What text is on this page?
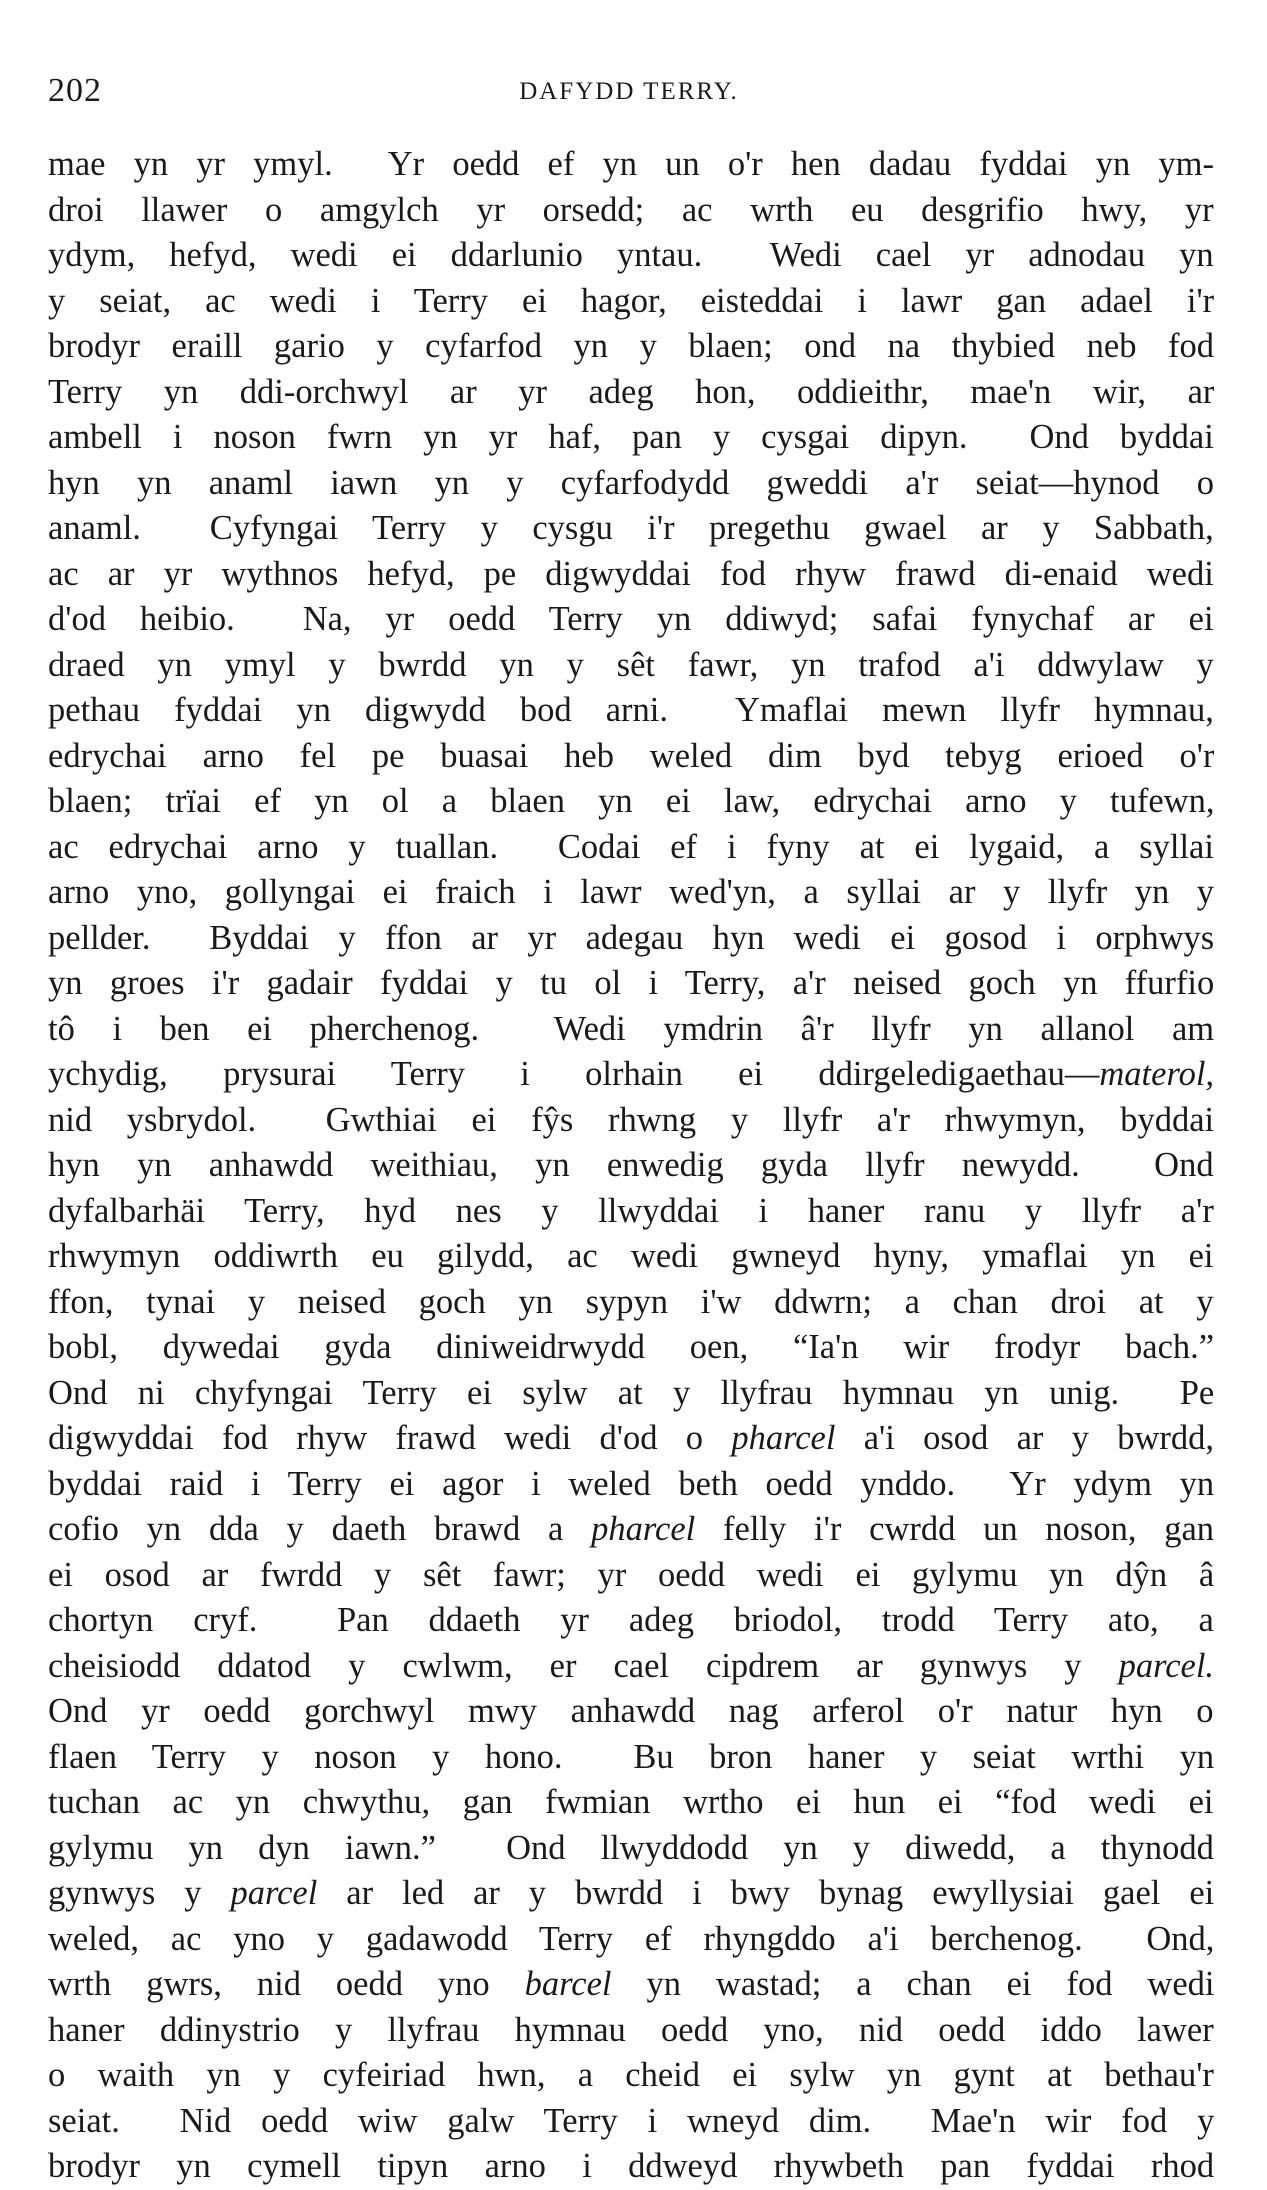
202	DAFYDD TERRY.
mae yn yr ymyl.  Yr oedd ef yn un o'r hen dadau fyddai yn ym-
droi llawer o amgylch yr orsedd; ac wrth eu desgrifio hwy, yr
ydym, hefyd, wedi ei ddarlunio yntau.  Wedi cael yr adnodau yn
y seiat, ac wedi i Terry ei hagor, eisteddai i lawr gan adael i'r
brodyr eraill gario y cyfarfod yn y blaen; ond na thybied neb fod
Terry yn ddi-orchwyl ar yr adeg hon, oddieithr, mae'n wir, ar
ambell i noson fwrn yn yr haf, pan y cysgai dipyn.  Ond byddai
hyn yn anaml iawn yn y cyfarfodydd gweddi a'r seiat—hynod o
anaml.  Cyfyngai Terry y cysgu i'r pregethu gwael ar y Sabbath,
ac ar yr wythnos hefyd, pe digwyddai fod rhyw frawd di-enaid wedi
d'od heibio.  Na, yr oedd Terry yn ddiwyd; safai fynychaf ar ei
draed yn ymyl y bwrdd yn y sêt fawr, yn trafod a'i ddwylaw y
pethau fyddai yn digwydd bod arni.  Ymaflai mewn llyfr hymnau,
edrychai arno fel pe buasai heb weled dim byd tebyg erioed o'r
blaen; trïai ef yn ol a blaen yn ei law, edrychai arno y tufewn,
ac edrychai arno y tuallan.  Codai ef i fyny at ei lygaid, a syllai
arno yno, gollyngai ei fraich i lawr wed'yn, a syllai ar y llyfr yn y
pellder.  Byddai y ffon ar yr adegau hyn wedi ei gosod i orphwys
yn groes i'r gadair fyddai y tu ol i Terry, a'r neised goch yn ffurfio
tô i ben ei pherchenog.  Wedi ymdrin â'r llyfr yn allanol am
ychydig, prysurai Terry i olrhain ei ddirgeledigaethau—materol,
nid ysbrydol.  Gwthiai ei fŷs rhwng y llyfr a'r rhwymyn, byddai
hyn yn anhawdd weithiau, yn enwedig gyda llyfr newydd.  Ond
dyfalbarhäi Terry, hyd nes y llwyddai i haner ranu y llyfr a'r
rhwymyn oddiwrth eu gilydd, ac wedi gwneyd hyny, ymaflai yn ei
ffon, tynai y neised goch yn sypyn i'w ddwrn; a chan droi at y
bobl, dywedai gyda diniweidrwydd oen, “Ia'n wir frodyr bach.”
Ond ni chyfyngai Terry ei sylw at y llyfrau hymnau yn unig.  Pe
digwyddai fod rhyw frawd wedi d'od o pharcel a'i osod ar y bwrdd,
byddai raid i Terry ei agor i weled beth oedd ynddo.  Yr ydym yn
cofio yn dda y daeth brawd a pharcel felly i'r cwrdd un noson, gan
ei osod ar fwrdd y sêt fawr; yr oedd wedi ei gylymu yn dŷn â
chortyn cryf.  Pan ddaeth yr adeg briodol, trodd Terry ato, a
cheisiodd ddatod y cwlwm, er cael cipdrem ar gynwys y parcel.
Ond yr oedd gorchwyl mwy anhawdd nag arferol o'r natur hyn o
flaen Terry y noson y hono.  Bu bron haner y seiat wrthi yn
tuchan ac yn chwythu, gan fwmian wrtho ei hun ei “fod wedi ei
gylymu yn dyn iawn.”  Ond llwyddodd yn y diwedd, a thynodd
gynwys y parcel ar led ar y bwrdd i bwy bynag ewyllysiai gael ei
weled, ac yno y gadawodd Terry ef rhyngddo a'i berchenog.  Ond,
wrth gwrs, nid oedd yno barcel yn wastad; a chan ei fod wedi
haner ddinystrio y llyfrau hymnau oedd yno, nid oedd iddo lawer
o waith yn y cyfeiriad hwn, a cheid ei sylw yn gynt at bethau'r
seiat.  Nid oedd wiw galw Terry i wneyd dim.  Mae'n wir fod y
brodyr yn cymell tipyn arno i ddweyd rhywbeth pan fyddai rhod
